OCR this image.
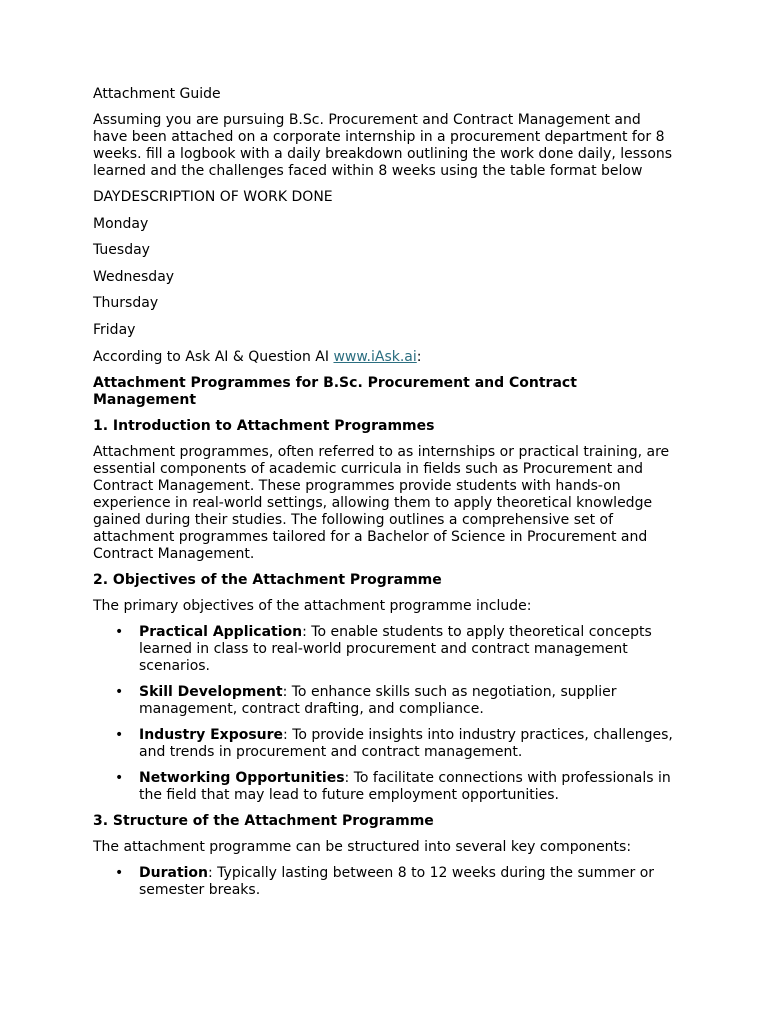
Attachment Guide

Assuming you are pursuing B.Sc. Procurement and Contract Management and have been attached on a corporate internship in a procurement department for 8 weeks. fill a logbook with a daily breakdown outlining the work done daily, lessons learned and the challenges faced within 8 weeks using the table format below

DAYDESCRIPTION OF WORK DONE

Monday

Tuesday

Wednesday

Thursday

Friday

According to Ask AI & Question AI www.iAsk.ai:

Attachment Programmes for B.Sc. Procurement and Contract Management
1. Introduction to Attachment Programmes

Attachment programmes, often referred to as internships or practical training, are essential components of academic curricula in fields such as Procurement and Contract Management. These programmes provide students with hands-on experience in real-world settings, allowing them to apply theoretical knowledge gained during their studies. The following outlines a comprehensive set of attachment programmes tailored for a Bachelor of Science in Procurement and Contract Management.

2. Objectives of the Attachment Programme

The primary objectives of the attachment programme include:

• Practical Application: To enable students to apply theoretical concepts learned in class to real-world procurement and contract management scenarios.
• Skill Development: To enhance skills such as negotiation, supplier management, contract drafting, and compliance.
• Industry Exposure: To provide insights into industry practices, challenges, and trends in procurement and contract management.
• Networking Opportunities: To facilitate connections with professionals in the field that may lead to future employment opportunities.
3. Structure of the Attachment Programme

The attachment programme can be structured into several key components:

• Duration: Typically lasting between 8 to 12 weeks during the summer or semester breaks.
